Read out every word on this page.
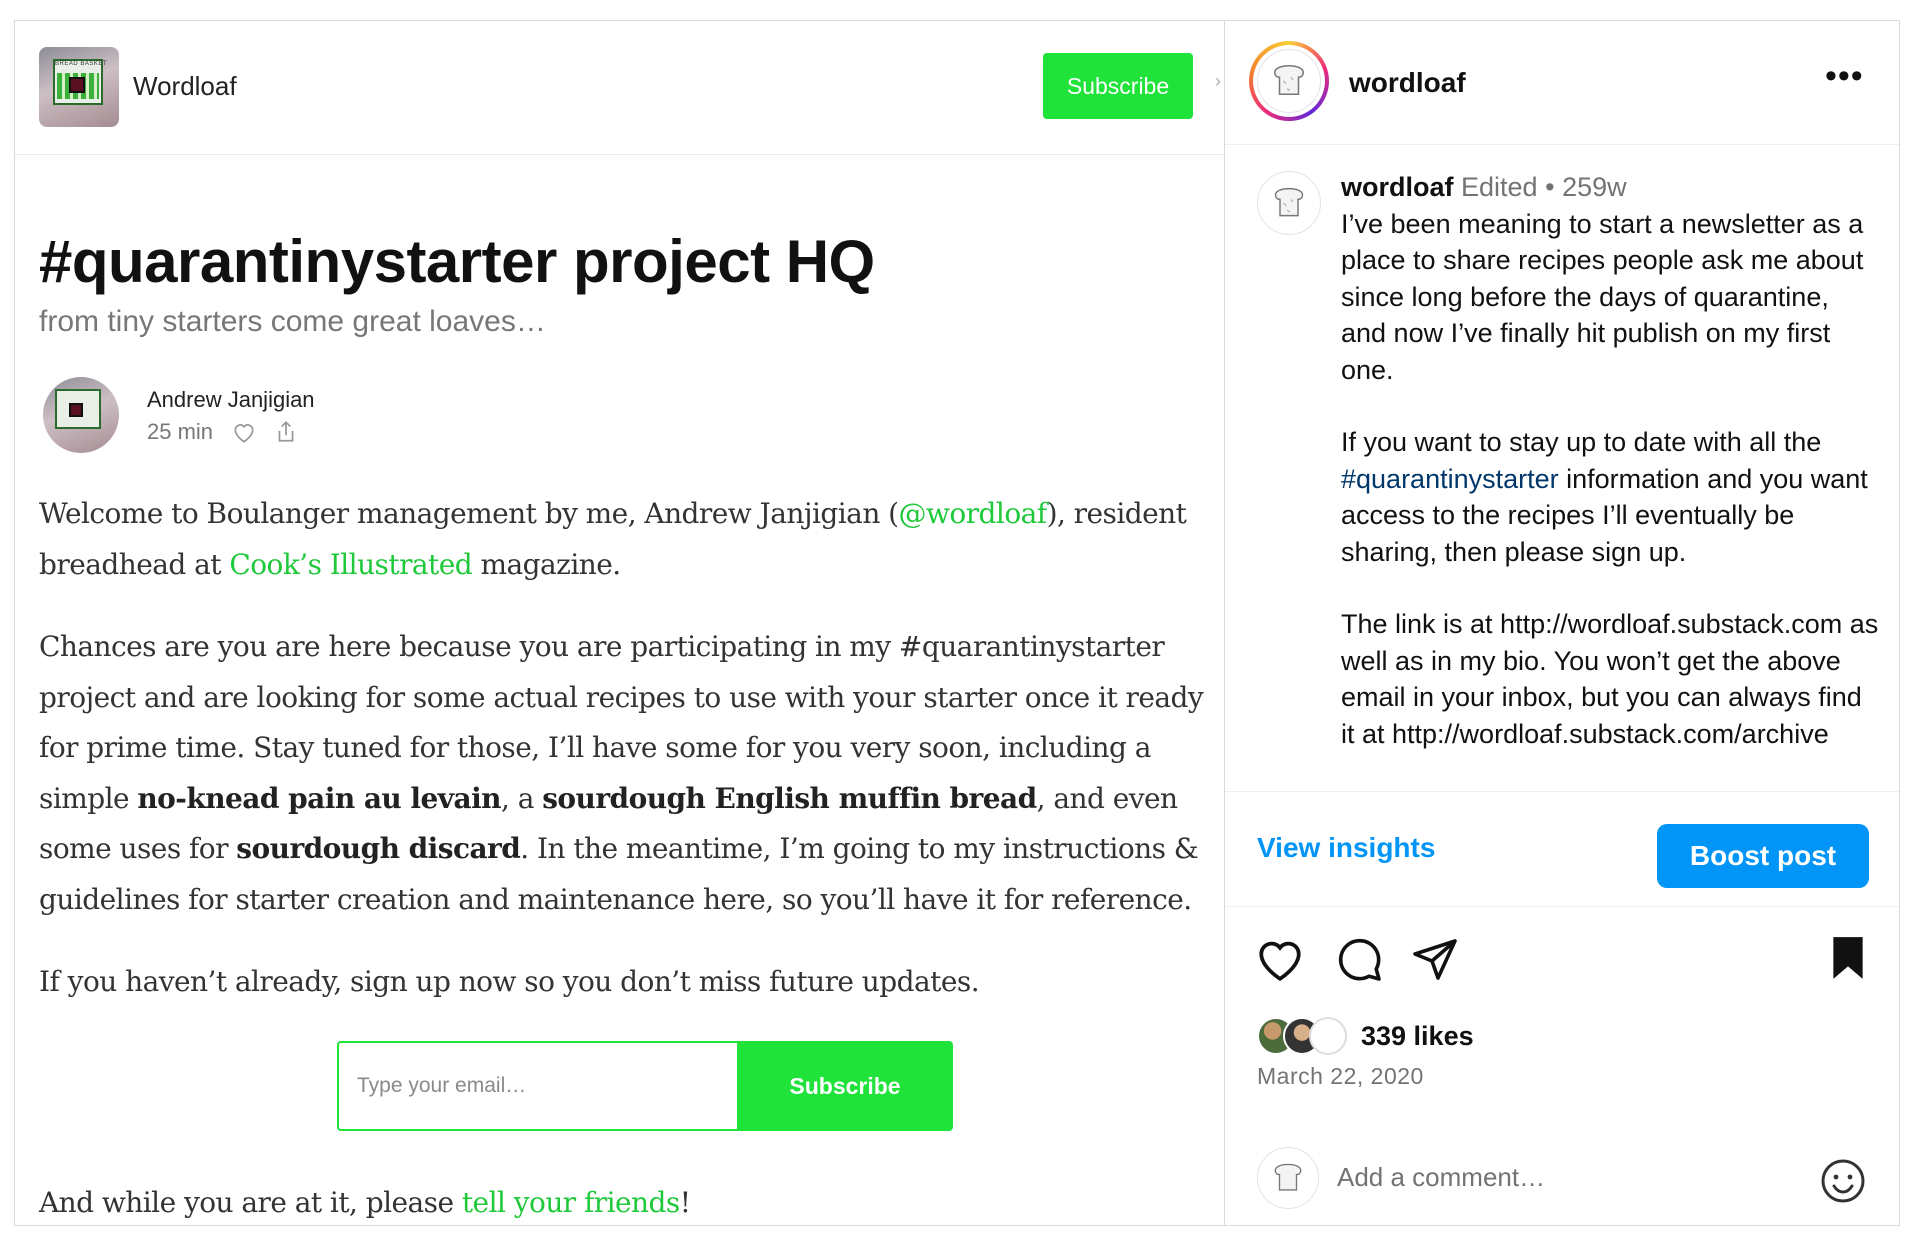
BREAD BASKET
Wordloaf	Subscribe	›
#quarantinystarter project HQ
from tiny starters come great loaves…
Andrew Janjigian
25 min

Welcome to Boulanger management by me, Andrew Janjigian (@wordloaf), resident breadhead at Cook’s Illustrated magazine.

Chances are you are here because you are participating in my #quarantinystarter project and are looking for some actual recipes to use with your starter once it ready for prime time. Stay tuned for those, I’ll have some for you very soon, including a simple no-knead pain au levain, a sourdough English muffin bread, and even some uses for sourdough discard. In the meantime, I’m going to my instructions & guidelines for starter creation and maintenance here, so you’ll have it for reference.

If you haven’t already, sign up now so you don’t miss future updates.

Type your email…
Subscribe
And while you are at it, please tell your friends!
wordloaf	•••
wordloaf Edited • 259w
I’ve been meaning to start a newsletter as a place to share recipes people ask me about since long before the days of quarantine, and now I’ve finally hit publish on my first one.
If you want to stay up to date with all the #quarantinystarter information and you want access to the recipes I’ll eventually be sharing, then please sign up.
The link is at http://wordloaf.substack.com as well as in my bio. You won’t get the above email in your inbox, but you can always find it at http://wordloaf.substack.com/archive
View insights	Boost post
339 likes
March 22, 2020
Add a comment…
